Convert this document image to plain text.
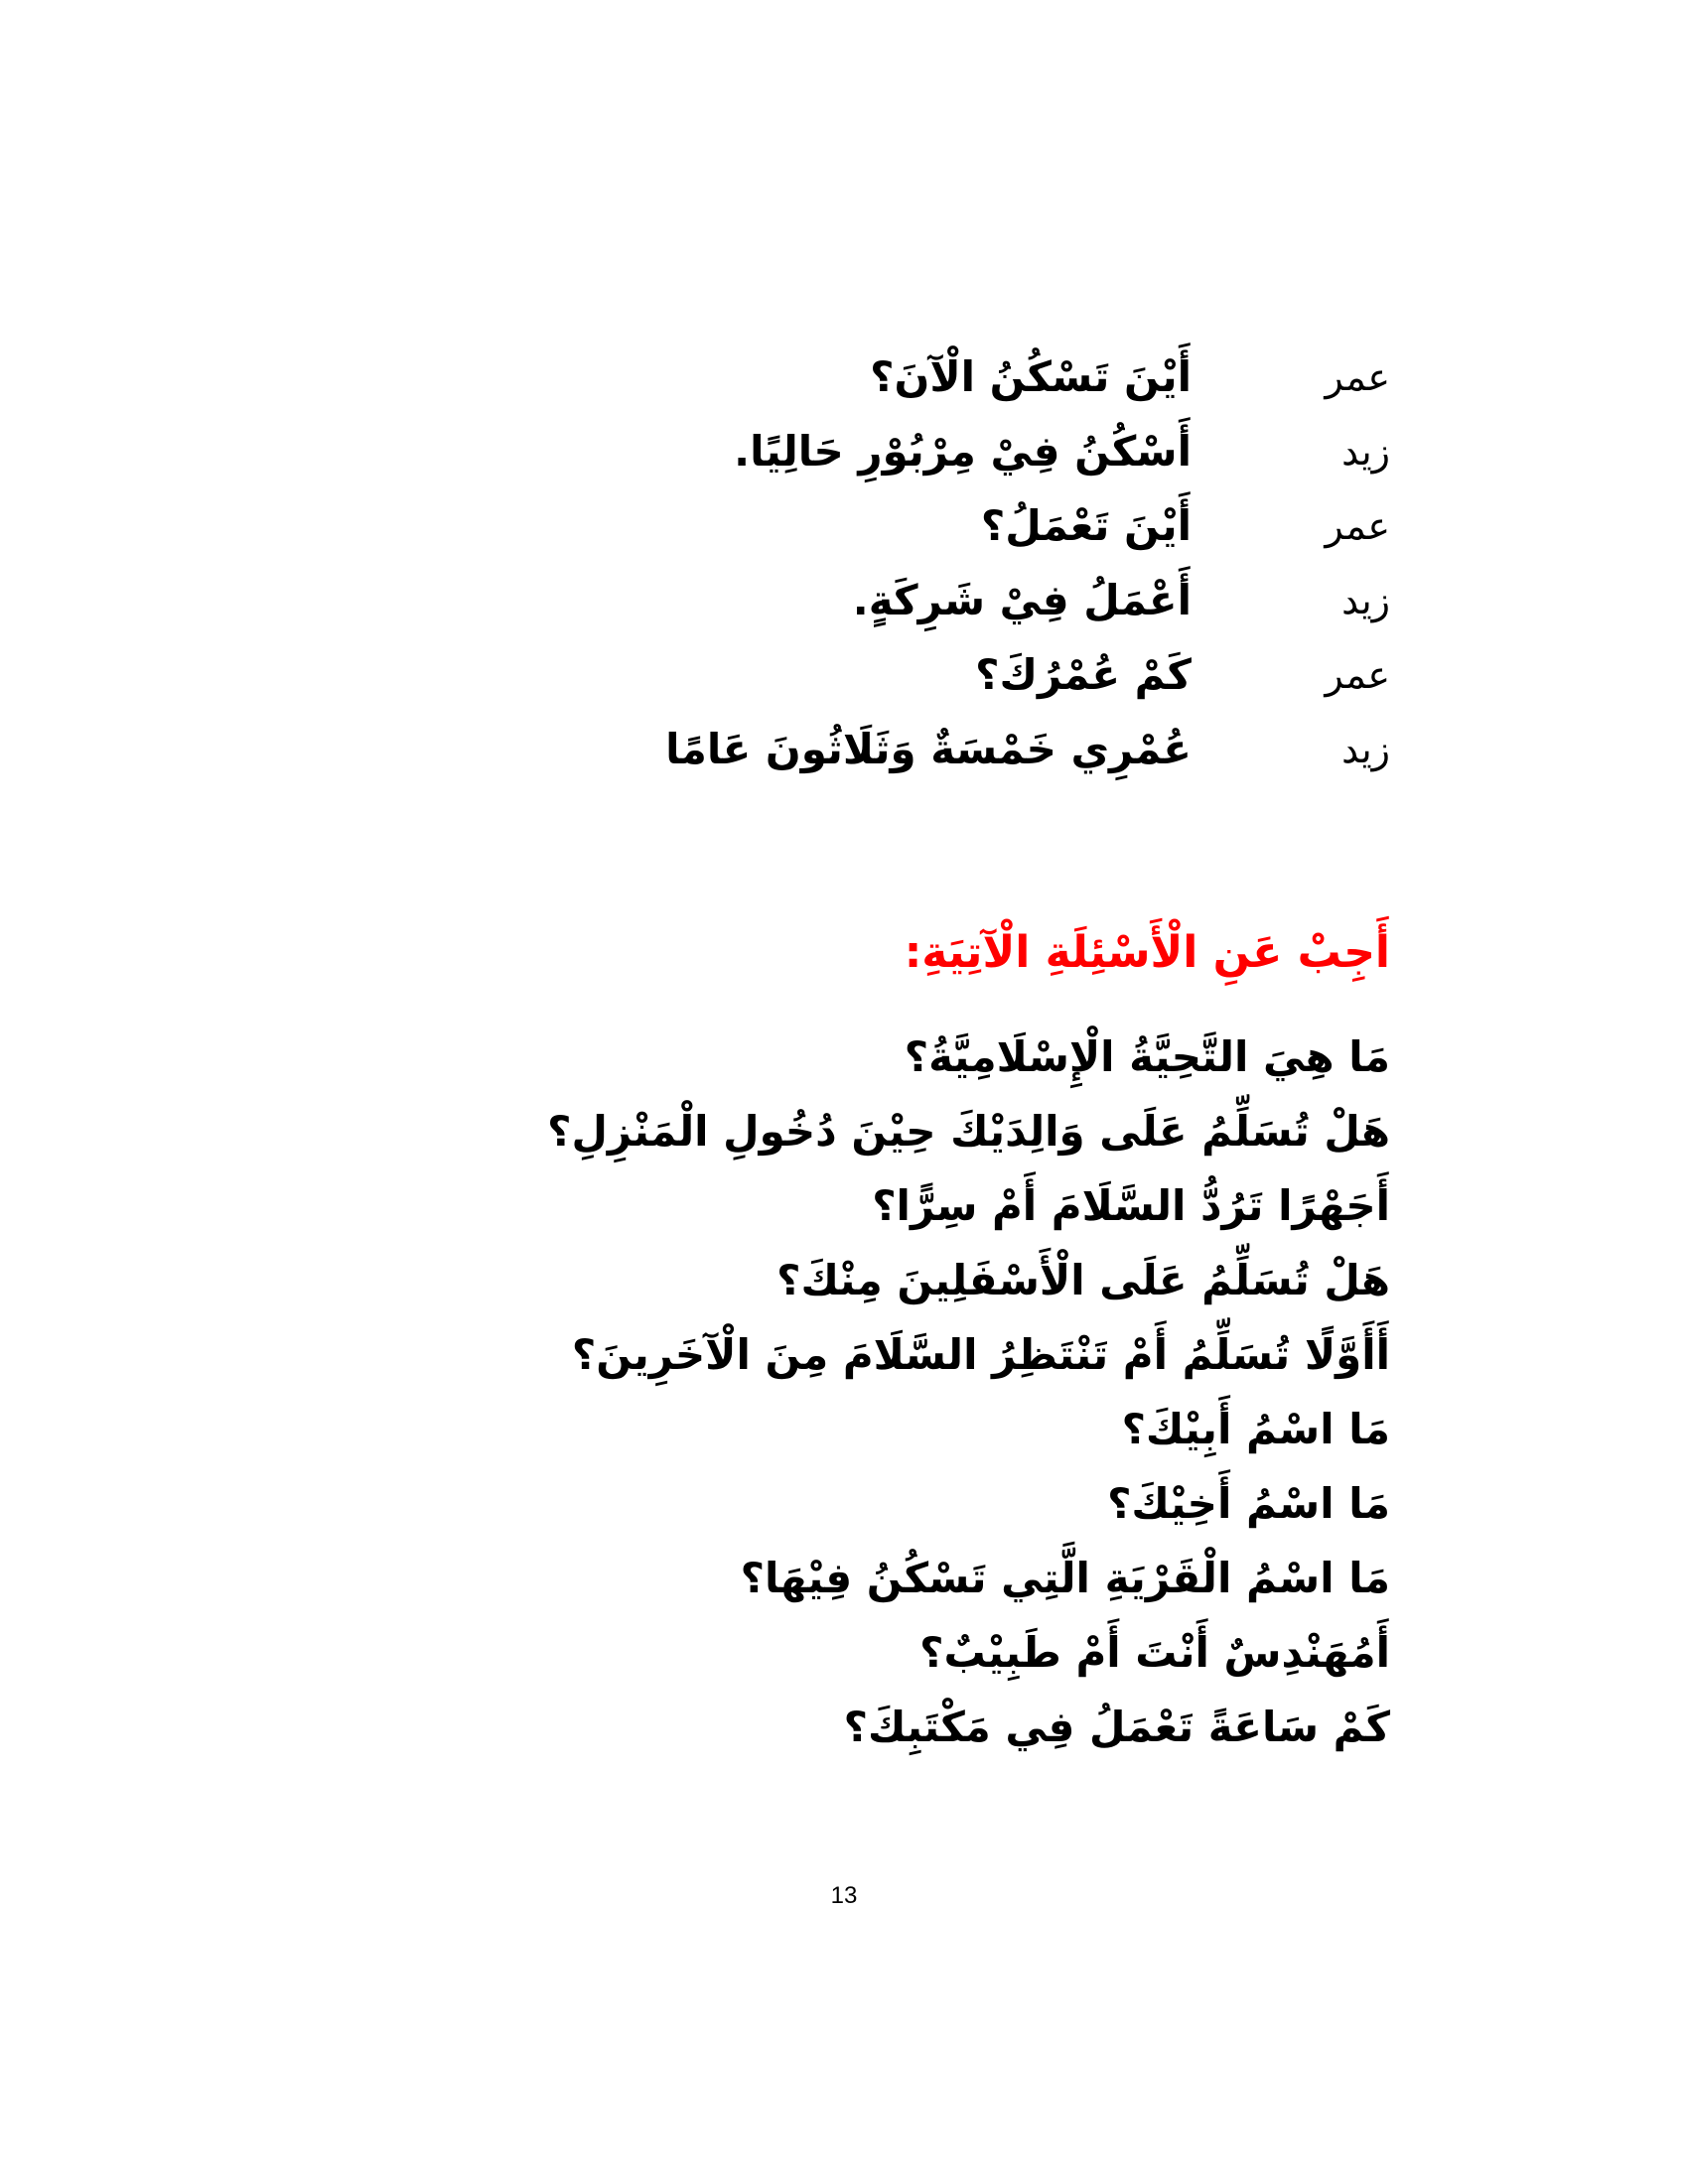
عمر
أَيْنَ تَسْكُنُ الْآنَ؟
زيد
أَسْكُنُ فِيْ مِرْبُوْرِ حَالِيًا.
عمر
أَيْنَ تَعْمَلُ؟
زيد
أَعْمَلُ فِيْ شَرِكَةٍ.
عمر
كَمْ عُمْرُكَ؟
زيد
عُمْرِي خَمْسَةٌ وَثَلَاثُونَ عَامًا
أَجِبْ عَنِ الْأَسْئِلَةِ الْآتِيَةِ:
مَا هِيَ التَّحِيَّةُ الْإِسْلَامِيَّةُ؟
هَلْ تُسَلِّمُ عَلَى وَالِدَيْكَ حِيْنَ دُخُولِ الْمَنْزِلِ؟
أَجَهْرًا تَرُدُّ السَّلَامَ أَمْ سِرًّا؟
هَلْ تُسَلِّمُ عَلَى الْأَسْفَلِينَ مِنْكَ؟
أَأَوَّلًا تُسَلِّمُ أَمْ تَنْتَظِرُ السَّلَامَ مِنَ الْآخَرِينَ؟
مَا اسْمُ أَبِيْكَ؟
مَا اسْمُ أَخِيْكَ؟
مَا اسْمُ الْقَرْيَةِ الَّتِي تَسْكُنُ فِيْهَا؟
أَمُهَنْدِسٌ أَنْتَ أَمْ طَبِيْبٌ؟
كَمْ سَاعَةً تَعْمَلُ فِي مَكْتَبِكَ؟
13
